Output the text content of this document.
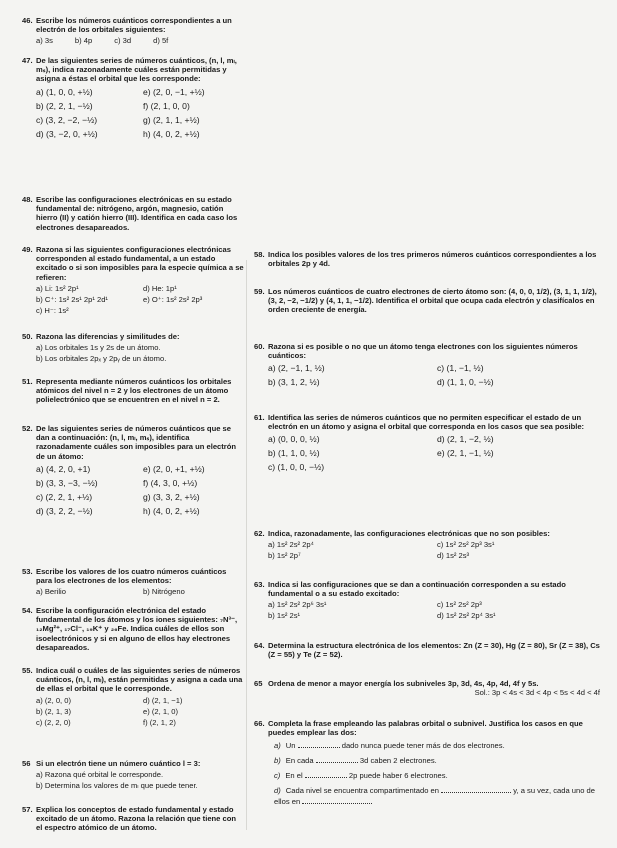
46. Escribe los números cuánticos correspondientes a un electrón de los orbitales siguientes:
a) 3s	b) 4p	c) 3d	d) 5f
47. De las siguientes series de números cuánticos, (n, l, mₗ, mₛ), indica razonadamente cuáles están permitidas y asigna a éstas el orbital que les corresponde:
a) (1, 0, 0, +½)	e) (2, 0, −1, +½)
b) (2, 2, 1, −½)	f) (2, 1, 0, 0)
c) (3, 2, −2, −½)	g) (2, 1, 1, +½)
d) (3, −2, 0, +½)	h) (4, 0, 2, +½)
48. Escribe las configuraciones electrónicas en su estado fundamental de: nitrógeno, argón, magnesio, catión hierro (II) y catión hierro (III). Identifica en cada caso los electrones desapareados.
49. Razona si las siguientes configuraciones electrónicas corresponden al estado fundamental, a un estado excitado o si son imposibles para la especie química a se refieren:
a) Li: 1s² 2p¹	d) He: 1p¹
b) C⁺: 1s² 2s¹ 2p¹ 2d¹	e) O⁺: 1s² 2s² 2p³
c) H⁻: 1s²
50. Razona las diferencias y similitudes de:
a) Los orbitales 1s y 2s de un átomo.b) Los orbitales 2pₓ y 2pᵧ de un átomo.
51. Representa mediante números cuánticos los orbitales atómicos del nivel n = 2 y los electrones de un átomo polielectrónico que se encuentren en el nivel n = 2.
52. De las siguientes series de números cuánticos que se dan a continuación: (n, l, mₗ, mₛ), identifica razonadamente cuáles son imposibles para un electrón de un átomo:
a) (4, 2, 0, +1)	e) (2, 0, +1, +½)
b) (3, 3, −3, −½)	f) (4, 3, 0, +½)
c) (2, 2, 1, +½)	g) (3, 3, 2, +½)
d) (3, 2, 2, −½)	h) (4, 0, 2, +½)
53. Escribe los valores de los cuatro números cuánticos para los electrones de los elementos:
a) Berilio	b) Nitrógeno
54. Escribe la configuración electrónica del estado fundamental de los átomos y los iones siguientes: ₇N³⁻, ₁₂Mg²⁺, ₁₇Cl⁻, ₁₉K⁺ y ₂₆Fe. Indica cuáles de ellos son isoelectrónicos y si en alguno de ellos hay electrones desapareados.
55. Indica cuál o cuáles de las siguientes series de números cuánticos, (n, l, mₗ), están permitidas y asigna a cada una de ellas el orbital que le corresponde.
a) (2, 0, 0)	d) (2, 1, −1)
b) (2, 1, 3)	e) (2, 1, 0)
c) (2, 2, 0)	f) (2, 1, 2)
56 Si un electrón tiene un número cuántico l = 3:
a) Razona qué orbital le corresponde.b) Determina los valores de mₗ que puede tener.
57. Explica los conceptos de estado fundamental y estado excitado de un átomo. Razona la relación que tiene con el espectro atómico de un átomo.
58. Indica los posibles valores de los tres primeros números cuánticos correspondientes a los orbitales 2p y 4d.
59. Los números cuánticos de cuatro electrones de cierto átomo son: (4, 0, 0, 1/2), (3, 1, 1, 1/2), (3, 2, −2, −1/2) y (4, 1, 1, −1/2). Identifica el orbital que ocupa cada electrón y clasifícalos en orden creciente de energía.
60. Razona si es posible o no que un átomo tenga electrones con los siguientes números cuánticos:
a) (2, −1, 1, ½)	c) (1, −1, ½)
b) (3, 1, 2, ½)	d) (1, 1, 0, −½)
61. Identifica las series de números cuánticos que no permiten especificar el estado de un electrón en un átomo y asigna el orbital que corresponda en los casos que sea posible:
a) (0, 0, 0, ½)	d) (2, 1, −2, ½)
b) (1, 1, 0, ½)	e) (2, 1, −1, ½)
c) (1, 0, 0, −½)
62. Indica, razonadamente, las configuraciones electrónicas que no son posibles:
a) 1s² 2s² 2p⁴	c) 1s² 2s² 2p³ 3s¹
b) 1s² 2p⁷	d) 1s² 2s³
63. Indica si las configuraciones que se dan a continuación corresponden a su estado fundamental o a su estado excitado:
a) 1s² 2s² 2p⁶ 3s¹	c) 1s² 2s² 2p³
b) 1s² 2s¹	d) 1s² 2s² 2p⁴ 3s¹
64. Determina la estructura electrónica de los elementos: Zn (Z = 30), Hg (Z = 80), Sr (Z = 38), Cs (Z = 55) y Te (Z = 52).
65 Ordena de menor a mayor energía los subniveles 3p, 3d, 4s, 4p, 4d, 4f y 5s.
Sol.: 3p < 4s < 3d < 4p < 5s < 4d < 4f
66. Completa la frase empleando las palabras orbital o subnivel. Justifica los casos en que puedes emplear las dos:
a) Un	dado nunca puede tener más de dos electrones.
b) En cada	3d caben 2 electrones.
c) En el	2p puede haber 6 electrones.
d) Cada nivel se encuentra compartimentado en	y, a su vez, cada uno de ellos en
